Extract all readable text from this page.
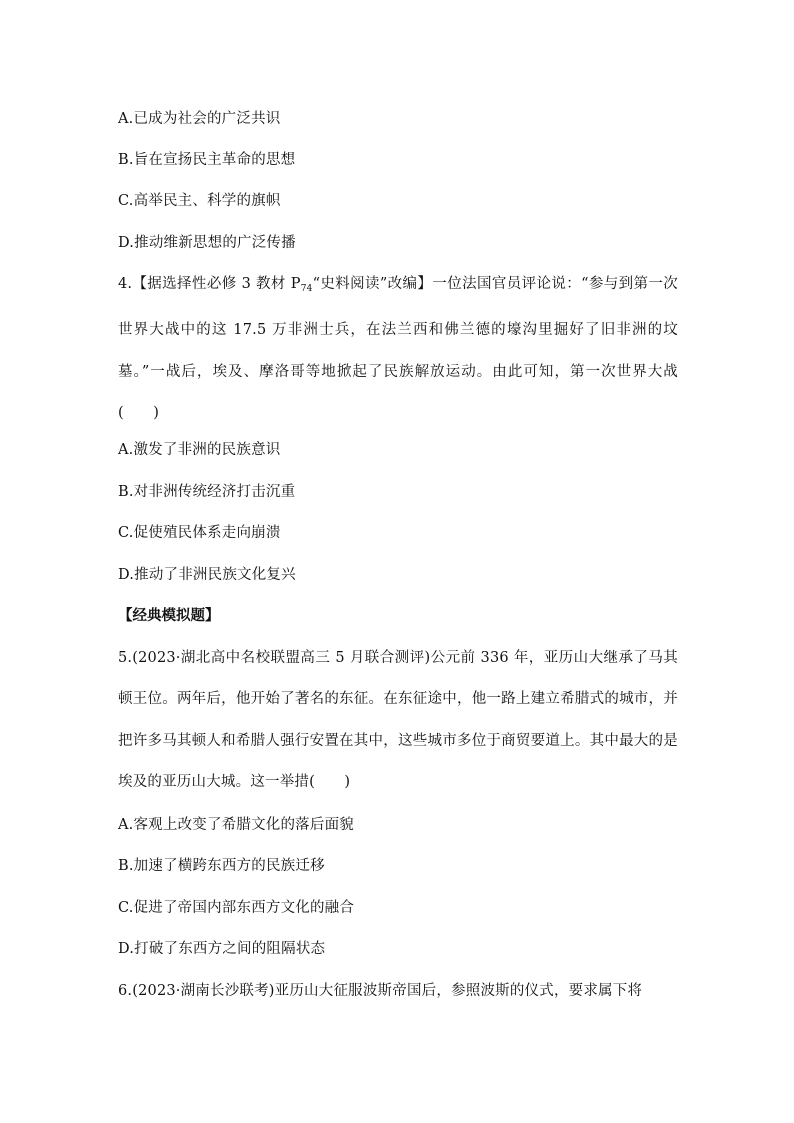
A.已成为社会的广泛共识
B.旨在宣扬民主革命的思想
C.高举民主、科学的旗帜
D.推动维新思想的广泛传播
4.【据选择性必修 3 教材 $P_{74}“$史料阅读”改编】一位法国官员评论说：“参与到第一次世界大战中的这 17.5 万非洲士兵，在法兰西和佛兰德的壕沟里掘好了旧非洲的坟墓。”一战后，埃及、摩洛哥等地掀起了民族解放运动。由此可知，第一次世界大战(　　)
A.激发了非洲的民族意识
B.对非洲传统经济打击沉重
C.促使殖民体系走向崩溃
D.推动了非洲民族文化复兴
【经典模拟题】
5.(2023·湖北高中名校联盟高三 5 月联合测评)公元前 336 年，亚历山大继承了马其顿王位。两年后，他开始了著名的东征。在东征途中，他一路上建立希腊式的城市，并把许多马其顿人和希腊人强行安置在其中，这些城市多位于商贸要道上。其中最大的是埃及的亚历山大城。这一举措(　　)
A.客观上改变了希腊文化的落后面貌
B.加速了横跨东西方的民族迁移
C.促进了帝国内部东西方文化的融合
D.打破了东西方之间的阻隔状态
6.(2023·湖南长沙联考)亚历山大征服波斯帝国后，参照波斯的仪式，要求属下将
